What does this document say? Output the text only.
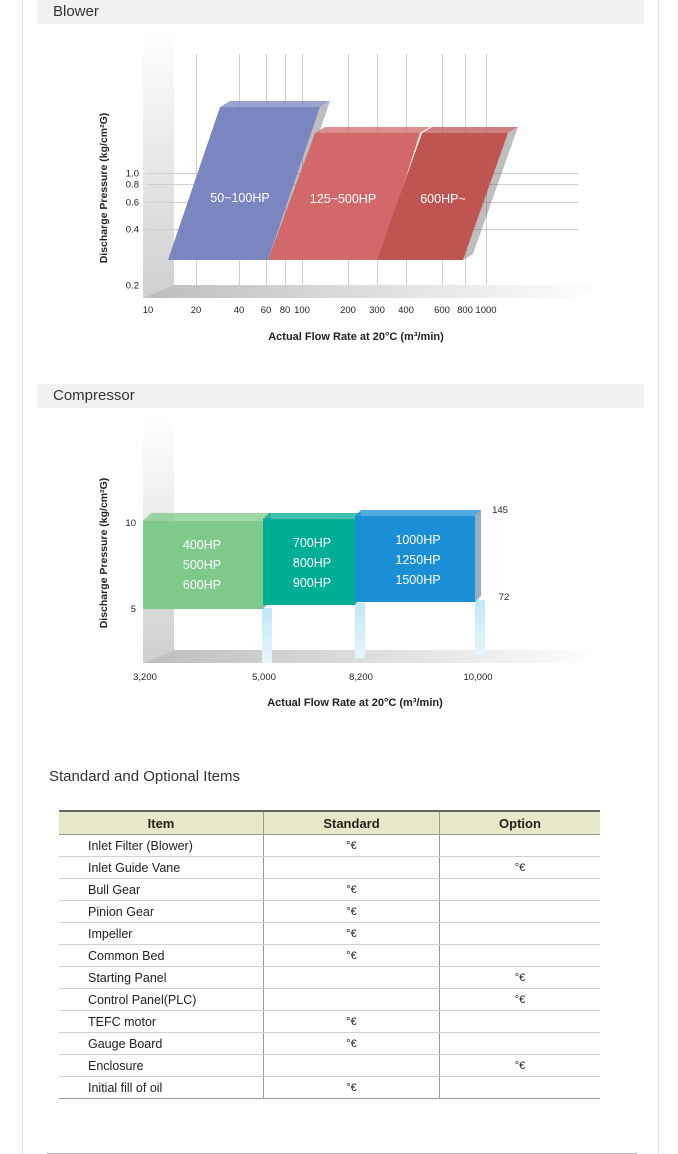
Blower
50~100HP	125~500HP	600HP~
1.0
0.8
0.6
0.4
0.2
10	20	40 60 80 100	200 300 400 600 800 1000
Discharge Pressure (kg/cm²G)
Actual Flow Rate at 20°C (m³/min)
Compressor
400HP
500HP
600HP
700HP
800HP
900HP
1000HP
1250HP
1500HP
10
5
3,200	5,000	8,200	10,000
145
72
Discharge Pressure (kg/cm²G)
Actual Flow Rate at 20°C (m³/min)
Standard and Optional Items
Item	Standard	Option
Inlet Filter (Blower)	°€	
Inlet Guide Vane		°€
Bull Gear	°€	
Pinion Gear	°€	
Impeller	°€	
Common Bed	°€	
Starting Panel		°€
Control Panel(PLC)		°€
TEFC motor	°€	
Gauge Board	°€	
Enclosure		°€
Initial fill of oil	°€	
